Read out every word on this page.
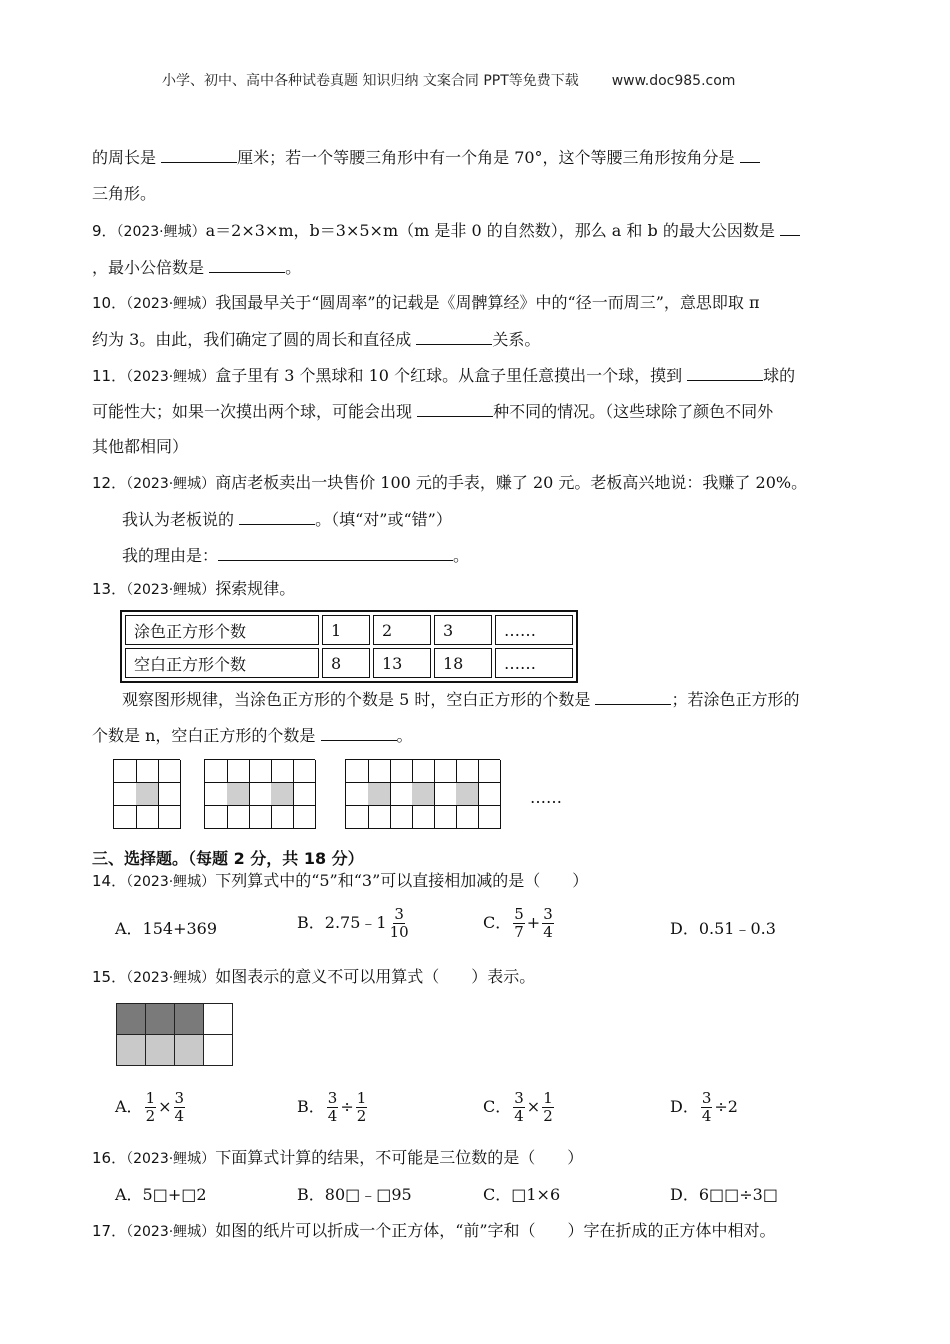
小学、初中、高中各种试卷真题 知识归纳 文案合同 PPT等免费下载 www.doc985.com
的周长是	厘米；若一个等腰三角形中有一个角是 70°，这个等腰三角形按角分是
三角形。
9．（2023·鲤城）a＝2×3×m，b＝3×5×m（m 是非 0 的自然数），那么 a 和 b 的最大公因数是
，最小公倍数是	。
10．（2023·鲤城）我国最早关于“圆周率”的记载是《周髀算经》中的“径一而周三”，意思即取 π
约为 3。由此，我们确定了圆的周长和直径成	关系。
11．（2023·鲤城）盒子里有 3 个黑球和 10 个红球。从盒子里任意摸出一个球，摸到	球的
可能性大；如果一次摸出两个球，可能会出现	种不同的情况。（这些球除了颜色不同外
其他都相同）
12．（2023·鲤城）商店老板卖出一块售价 100 元的手表，赚了 20 元。老板高兴地说：我赚了 20%。
我认为老板说的	。（填“对”或“错”）
我的理由是：	。
13．（2023·鲤城）探索规律。
涂色正方形个数	1	2	3	……
空白正方形个数	8	13	18	……
观察图形规律，当涂色正方形的个数是 5 时，空白正方形的个数是	；若涂色正方形的
个数是 n，空白正方形的个数是	。
……
三、选择题。（每题 2 分，共 18 分）
14．（2023·鲤城）下列算式中的“5”和“3”可以直接相加减的是（　　）
A．154+369	B．2.75﹣1 $\frac{3}{10}$	C． $\frac{5}{7} + \frac{3}{4}$	D．0.51﹣0.3
15．（2023·鲤城）如图表示的意义不可以用算式（　　）表示。
A． $\frac{1}{2} \times \frac{3}{4}$	B． $\frac{3}{4} \div \frac{1}{2}$	C． $\frac{3}{4} \times \frac{1}{2}$	D． $\frac{3}{4} \div 2$
16．（2023·鲤城）下面算式计算的结果，不可能是三位数的是（　　）
A．5□+□2	B．80□﹣□95	C．□1×6	D．6□□÷3□
17．（2023·鲤城）如图的纸片可以折成一个正方体，“前”字和（　　）字在折成的正方体中相对。
